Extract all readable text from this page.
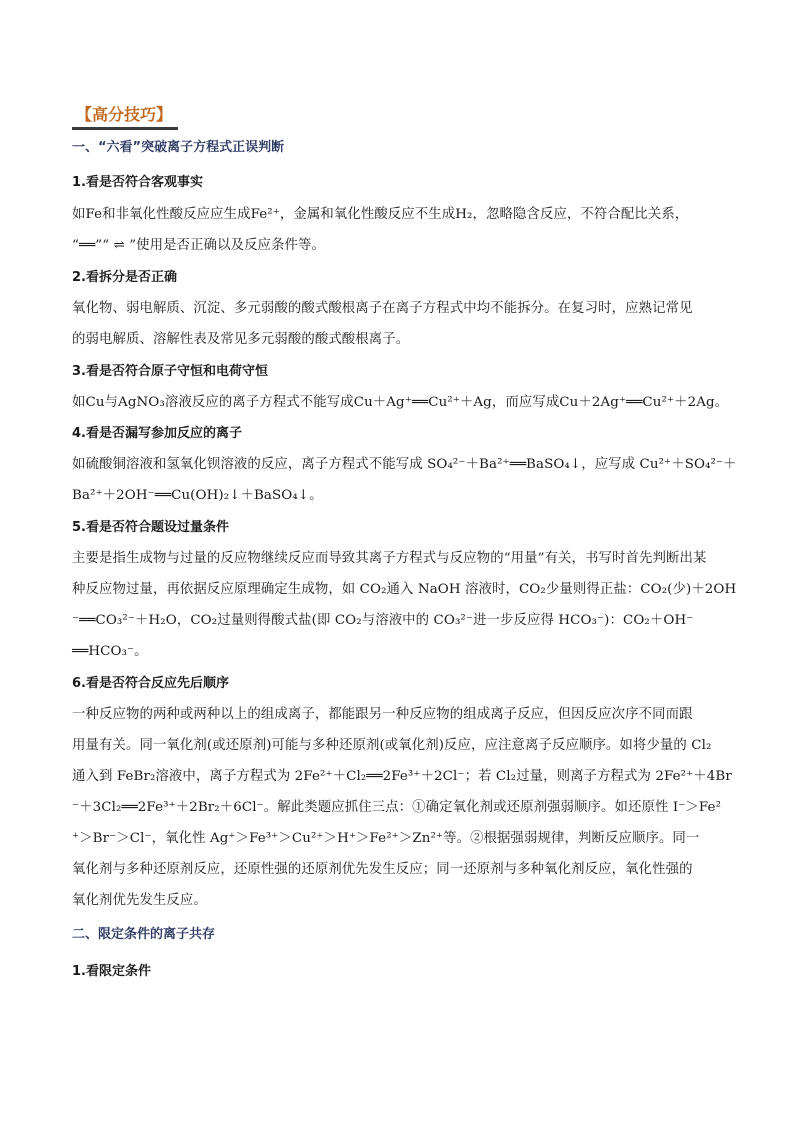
【高分技巧】
一、“六看”突破离子方程式正误判断
1.看是否符合客观事实
如Fe和非氧化性酸反应应生成Fe²⁺，金属和氧化性酸反应不生成H₂，忽略隐含反应，不符合配比关系，
“══”“ ⇌ ”使用是否正确以及反应条件等。
2.看拆分是否正确
氧化物、弱电解质、沉淀、多元弱酸的酸式酸根离子在离子方程式中均不能拆分。在复习时，应熟记常见
的弱电解质、溶解性表及常见多元弱酸的酸式酸根离子。
3.看是否符合原子守恒和电荷守恒
如Cu与AgNO₃溶液反应的离子方程式不能写成Cu＋Ag⁺══Cu²⁺＋Ag，而应写成Cu＋2Ag⁺══Cu²⁺＋2Ag。
4.看是否漏写参加反应的离子
如硫酸铜溶液和氢氧化钡溶液的反应，离子方程式不能写成 SO₄²⁻＋Ba²⁺══BaSO₄↓，应写成 Cu²⁺＋SO₄²⁻＋
Ba²⁺＋2OH⁻══Cu(OH)₂↓＋BaSO₄↓。
5.看是否符合题设过量条件
主要是指生成物与过量的反应物继续反应而导致其离子方程式与反应物的“用量”有关，书写时首先判断出某
种反应物过量，再依据反应原理确定生成物，如 CO₂通入 NaOH 溶液时，CO₂少量则得正盐：CO₂(少)＋2OH
⁻══CO₃²⁻＋H₂O，CO₂过量则得酸式盐(即 CO₂与溶液中的 CO₃²⁻进一步反应得 HCO₃⁻)：CO₂＋OH⁻
══HCO₃⁻。
6.看是否符合反应先后顺序
一种反应物的两种或两种以上的组成离子，都能跟另一种反应物的组成离子反应，但因反应次序不同而跟
用量有关。同一氧化剂(或还原剂)可能与多种还原剂(或氧化剂)反应，应注意离子反应顺序。如将少量的 Cl₂
通入到 FeBr₂溶液中，离子方程式为 2Fe²⁺＋Cl₂══2Fe³⁺＋2Cl⁻；若 Cl₂过量，则离子方程式为 2Fe²⁺＋4Br
⁻＋3Cl₂══2Fe³⁺＋2Br₂＋6Cl⁻。解此类题应抓住三点：①确定氧化剂或还原剂强弱顺序。如还原性 I⁻＞Fe²
⁺＞Br⁻＞Cl⁻，氧化性 Ag⁺＞Fe³⁺＞Cu²⁺＞H⁺＞Fe²⁺＞Zn²⁺等。②根据强弱规律，判断反应顺序。同一
氧化剂与多种还原剂反应，还原性强的还原剂优先发生反应；同一还原剂与多种氧化剂反应，氧化性强的
氧化剂优先发生反应。
二、限定条件的离子共存
1.看限定条件
